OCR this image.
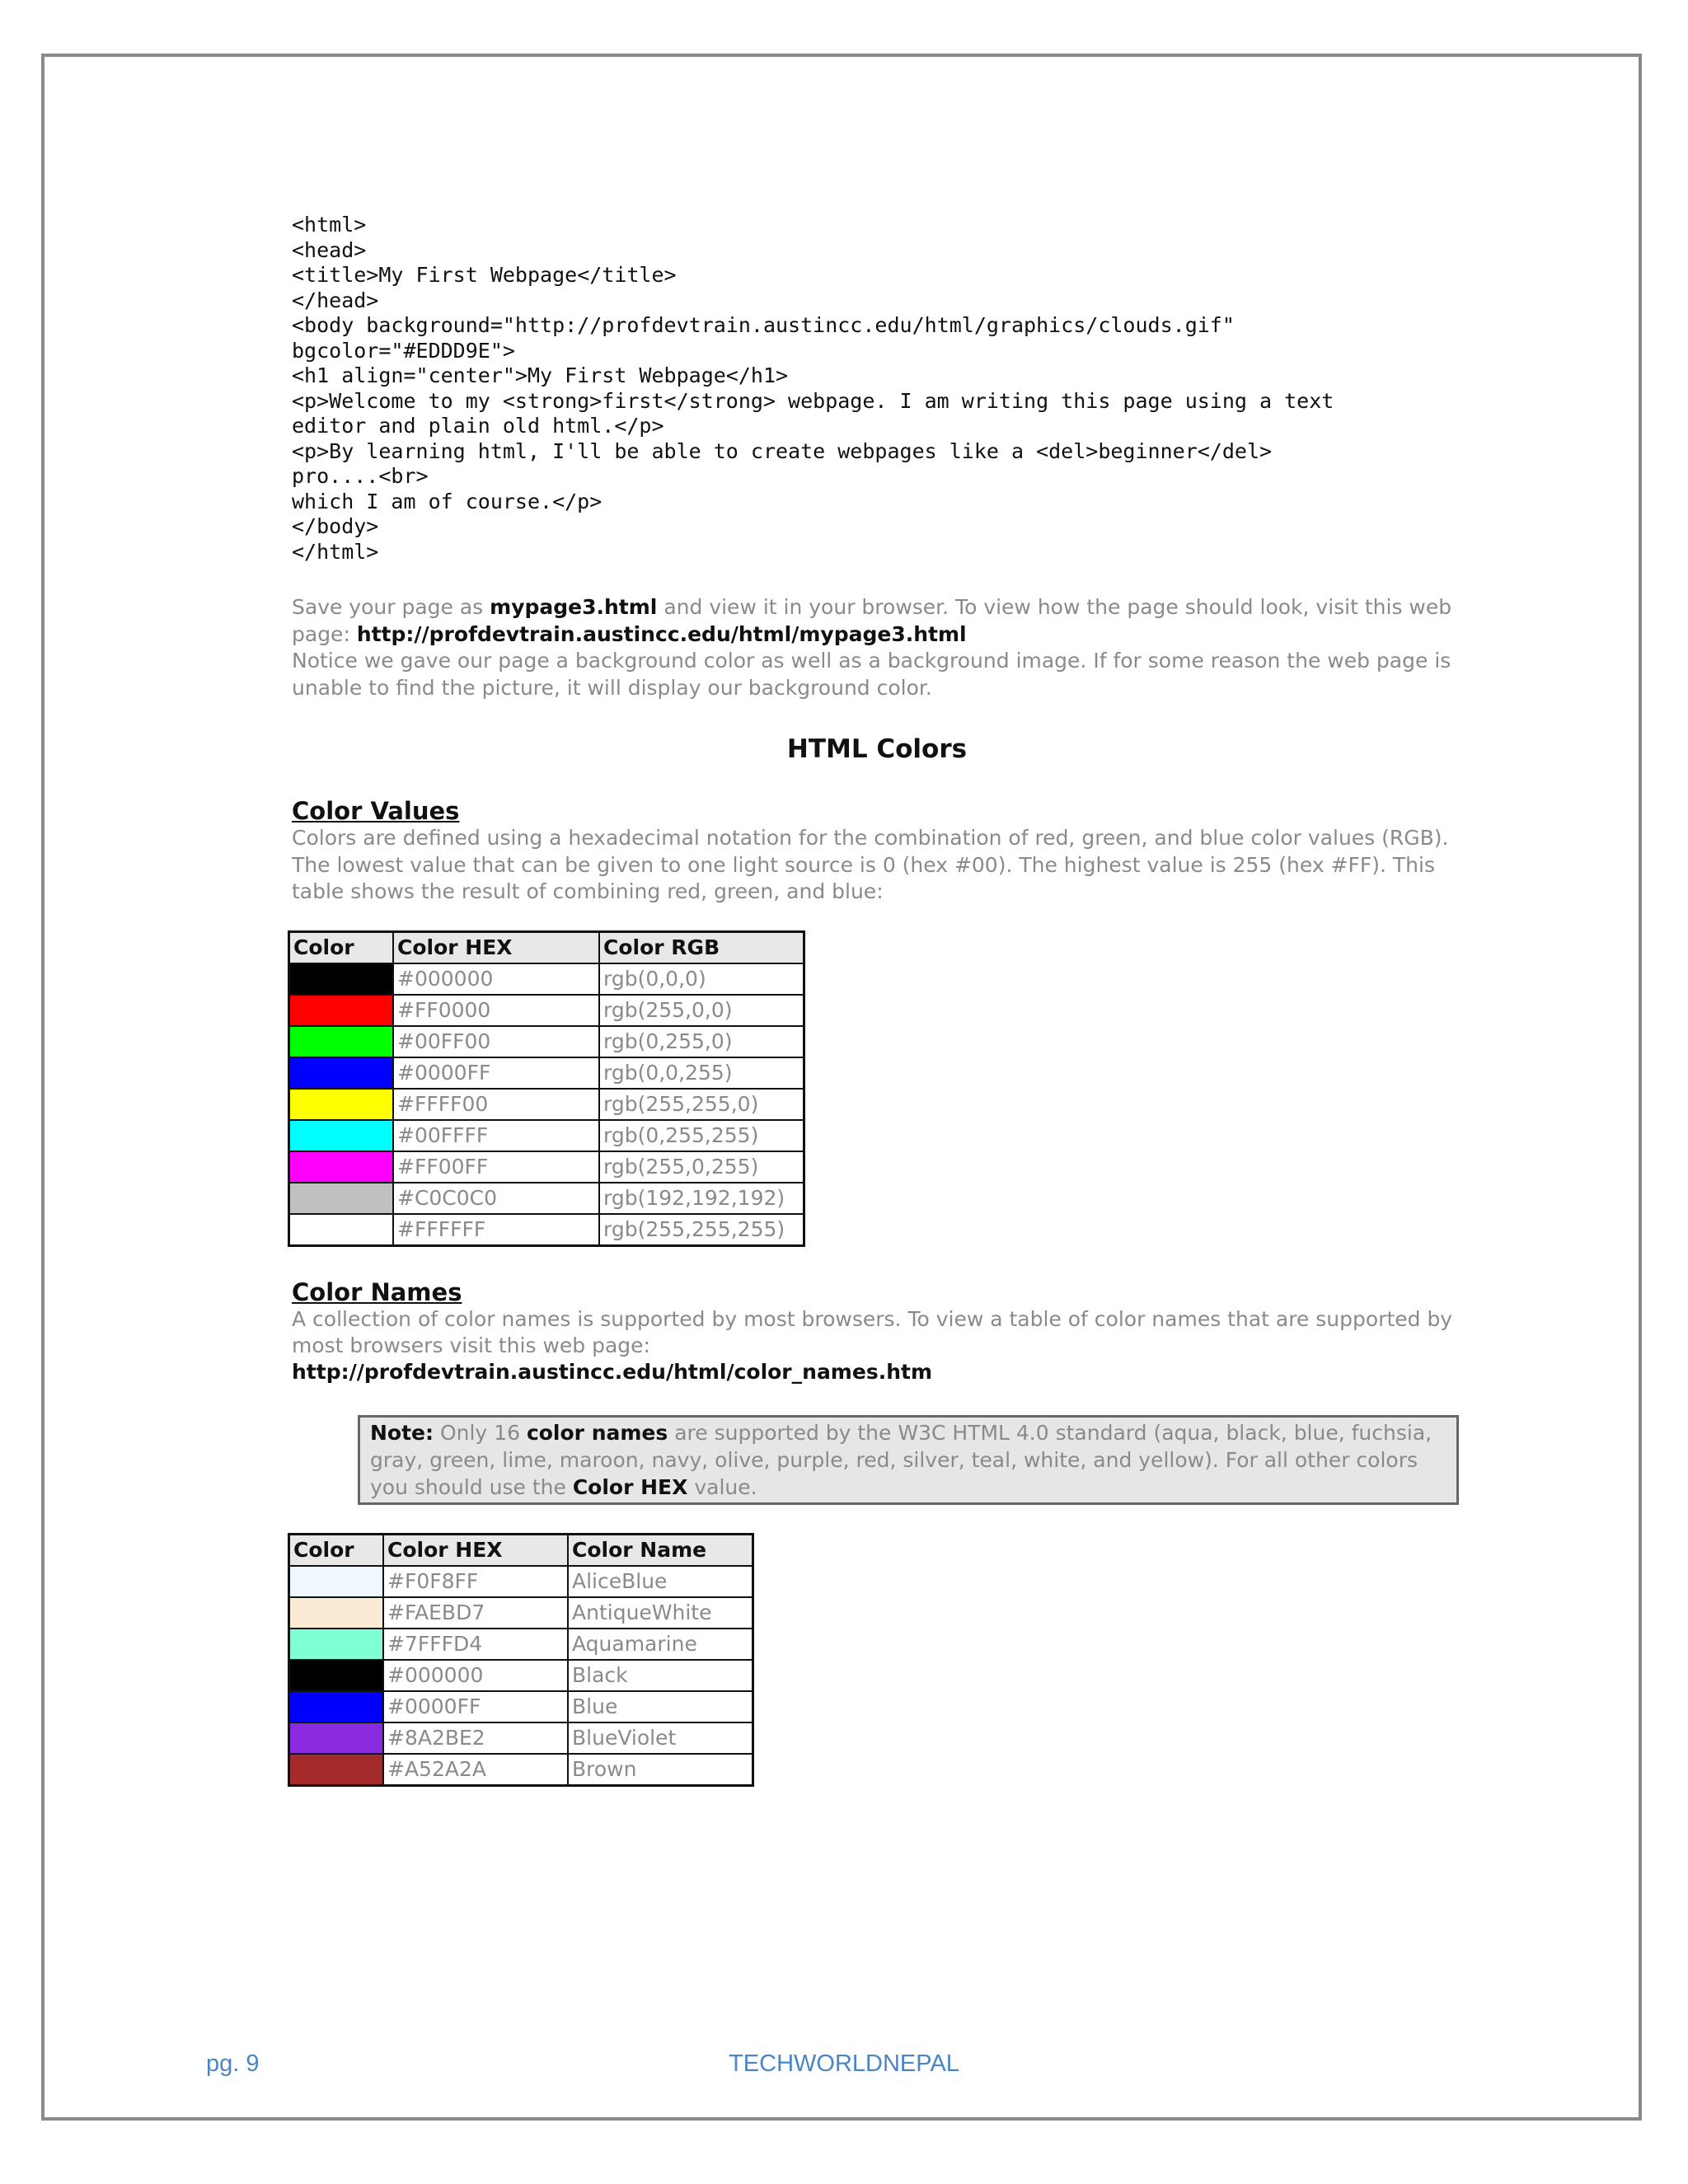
<html>
<head>
<title>My First Webpage</title>
</head>
<body background="http://profdevtrain.austincc.edu/html/graphics/clouds.gif"
bgcolor="#EDDD9E">
<h1 align="center">My First Webpage</h1>
<p>Welcome to my <strong>first</strong> webpage. I am writing this page using a text
editor and plain old html.</p>
<p>By learning html, I'll be able to create webpages like a <del>beginner</del>
pro....<br>
which I am of course.</p>
</body>
</html>
Save your page as mypage3.html and view it in your browser. To view how the page should look, visit this web page: http://profdevtrain.austincc.edu/html/mypage3.html
Notice we gave our page a background color as well as a background image. If for some reason the web page is unable to find the picture, it will display our background color.
HTML Colors
Color Values
Colors are defined using a hexadecimal notation for the combination of red, green, and blue color values (RGB). The lowest value that can be given to one light source is 0 (hex #00). The highest value is 255 (hex #FF). This table shows the result of combining red, green, and blue:
Color	Color HEX	Color RGB

	#000000	rgb(0,0,0)

	#FF0000	rgb(255,0,0)

	#00FF00	rgb(0,255,0)

	#0000FF	rgb(0,0,255)

	#FFFF00	rgb(255,255,0)

	#00FFFF	rgb(0,255,255)

	#FF00FF	rgb(255,0,255)

	#C0C0C0	rgb(192,192,192)

	#FFFFFF	rgb(255,255,255)
Color Names
A collection of color names is supported by most browsers. To view a table of color names that are supported by most browsers visit this web page:
http://profdevtrain.austincc.edu/html/color_names.htm
Note: Only 16 color names are supported by the W3C HTML 4.0 standard (aqua, black, blue, fuchsia, gray, green, lime, maroon, navy, olive, purple, red, silver, teal, white, and yellow). For all other colors you should use the Color HEX value.
Color	Color HEX	Color Name

	#F0F8FF	AliceBlue

	#FAEBD7	AntiqueWhite

	#7FFFD4	Aquamarine

	#000000	Black

	#0000FF	Blue

	#8A2BE2	BlueViolet

	#A52A2A	Brown
pg. 9	TECHWORLDNEPAL
